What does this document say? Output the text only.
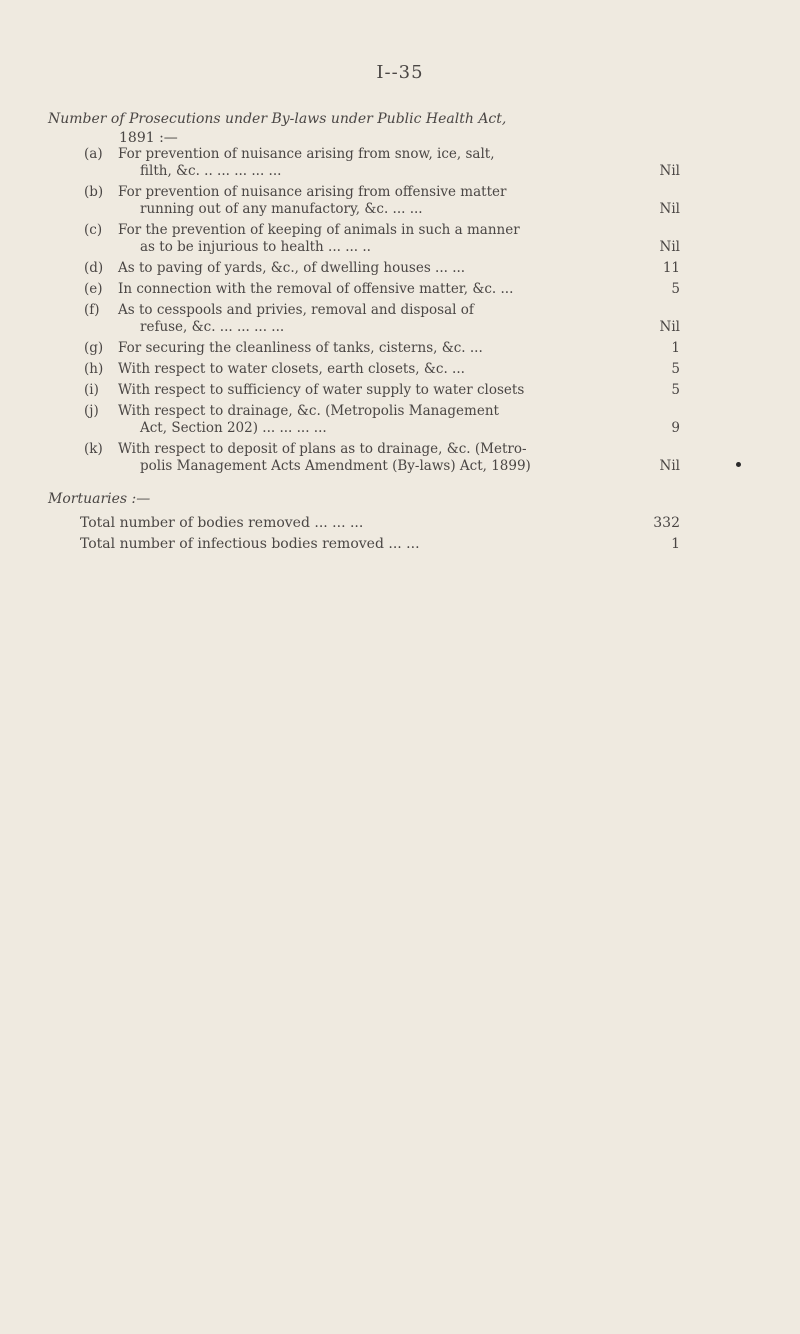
I--35
Number of Prosecutions under By-laws under Public Health Act,
1891 :—
(a) For prevention of nuisance arising from snow, ice, salt,
filth, &c. .. ... ... ... ...	Nil
(b) For prevention of nuisance arising from offensive matter
running out of any manufactory, &c. ... ...	Nil
(c) For the prevention of keeping of animals in such a manner
as to be injurious to health ... ... ..	Nil
(d) As to paving of yards, &c., of dwelling houses ... ...	11
(e) In connection with the removal of offensive matter, &c. ...	5
(f) As to cesspools and privies, removal and disposal of
refuse, &c. ... ... ... ...	Nil
(g) For securing the cleanliness of tanks, cisterns, &c. ...	1
(h) With respect to water closets, earth closets, &c. ...	5
(i) With respect to sufficiency of water supply to water closets	5
(j) With respect to drainage, &c. (Metropolis Management
Act, Section 202) ... ... ... ...	9
(k) With respect to deposit of plans as to drainage, &c. (Metro-
polis Management Acts Amendment (By-laws) Act, 1899)	Nil
Mortuaries :—
Total number of bodies removed ... ... ...	332
Total number of infectious bodies removed ... ...	1
